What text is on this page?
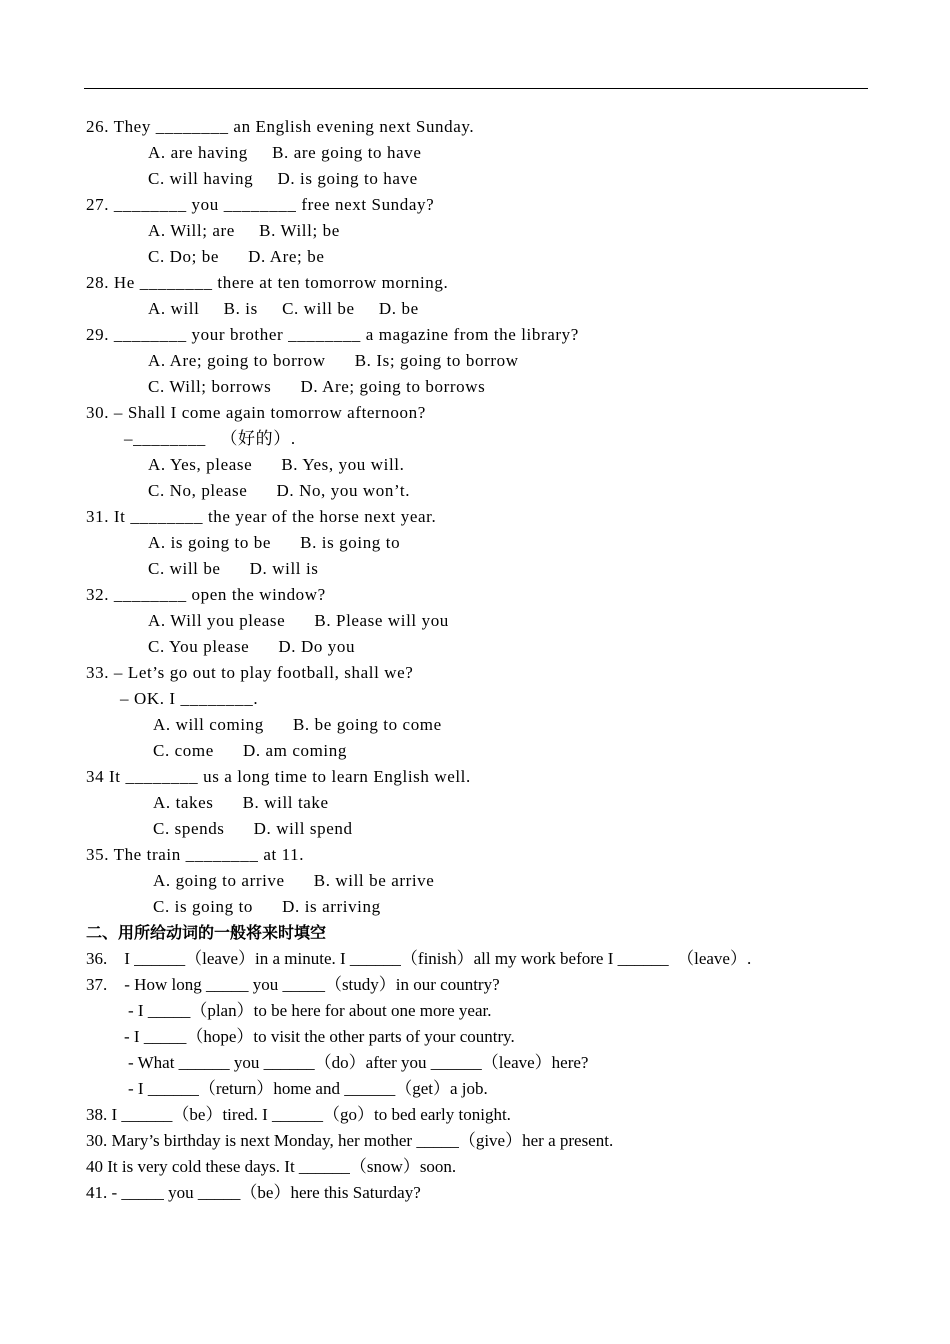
26. They ________ an English evening next Sunday.
A. are having     B. are going to have
C. will having     D. is going to have
27. ________ you ________ free next Sunday?
A. Will; are     B. Will; be
C. Do; be      D. Are; be
28. He ________ there at ten tomorrow morning.
A. will     B. is     C. will be     D. be
29. ________ your brother ________ a magazine from the library?
A. Are; going to borrow      B. Is; going to borrow
C. Will; borrows      D. Are; going to borrows
30. – Shall I come again tomorrow afternoon?
–________   （好的）.
A. Yes, please      B. Yes, you will.
C. No, please      D. No, you won’t.
31. It ________ the year of the horse next year.
A. is going to be      B. is going to
C. will be      D. will is
32. ________ open the window?
A. Will you please      B. Please will you
C. You please      D. Do you
33. – Let’s go out to play football, shall we?
– OK. I ________.
A. will coming      B. be going to come
C. come      D. am coming
34 It ________ us a long time to learn English well.
A. takes      B. will take
C. spends      D. will spend
35. The train ________ at 11.
A. going to arrive      B. will be arrive
C. is going to      D. is arriving
二、用所给动词的一般将来时填空
36.    I ______（leave）in a minute. I ______（finish）all my work before I ______  （leave）.
37.    - How long _____ you _____（study）in our country?
- I _____（plan）to be here for about one more year.
- I _____（hope）to visit the other parts of your country.
- What ______ you ______（do）after you ______（leave）here?
- I ______（return）home and ______（get）a job.
38. I ______（be）tired. I ______（go）to bed early tonight.
30. Mary’s birthday is next Monday, her mother _____（give）her a present.
40 It is very cold these days. It ______（snow）soon.
41. - _____ you _____（be）here this Saturday?
